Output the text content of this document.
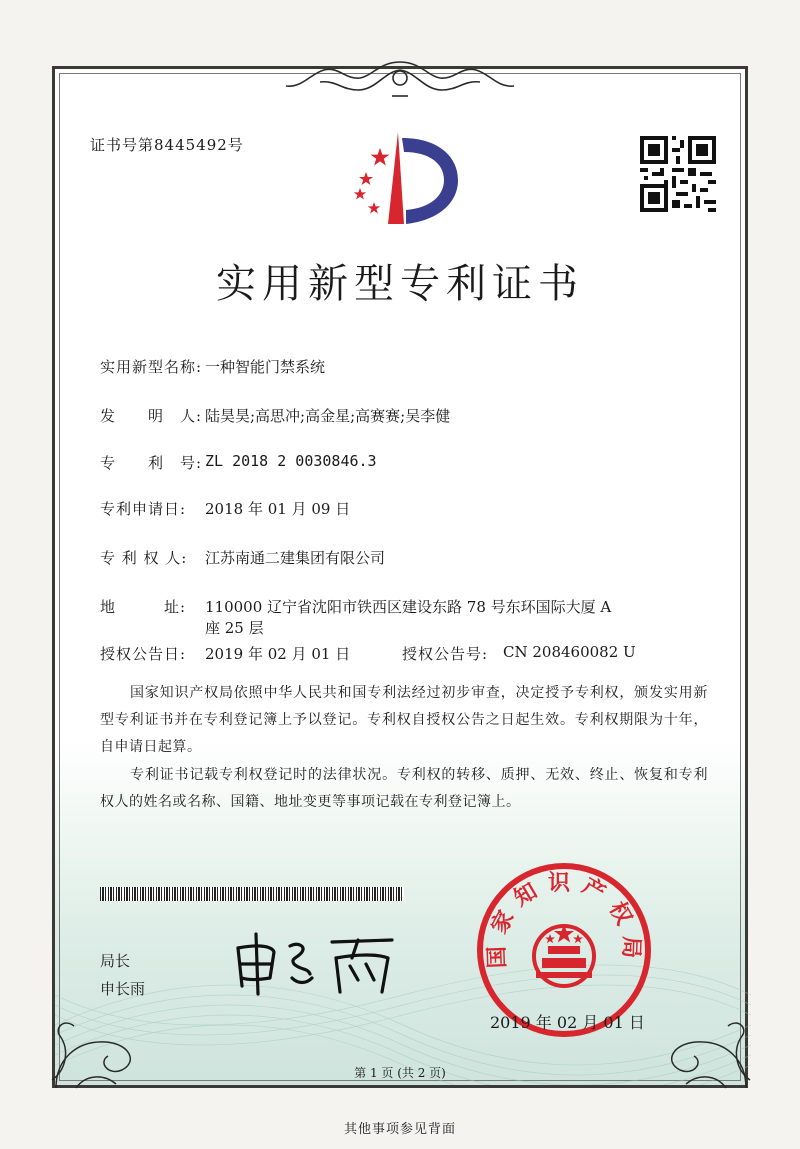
证书号第8445492号
实用新型专利证书
实用新型名称: 一种智能门禁系统
发　　明　人: 陆昊昊;高思冲;高金星;高赛赛;吴李健
专　　利　号: ZL 2018 2 0030846.3
专利申请日: 2018 年 01 月 09 日
专 利 权 人: 江苏南通二建集团有限公司
地　　　址: 110000 辽宁省沈阳市铁西区建设东路 78 号东环国际大厦 A
座 25 层
授权公告日: 2019 年 02 月 01 日	授权公告号: CN 208460082 U
国家知识产权局依照中华人民共和国专利法经过初步审查，决定授予专利权，颁发实用新型专利证书并在专利登记簿上予以登记。专利权自授权公告之日起生效。专利权期限为十年，自申请日起算。
专利证书记载专利权登记时的法律状况。专利权的转移、质押、无效、终止、恢复和专利权人的姓名或名称、国籍、地址变更等事项记载在专利登记簿上。
局长
申长雨
国家知识产权局
2019 年 02 月 01 日
第 1 页 (共 2 页)
其他事项参见背面
